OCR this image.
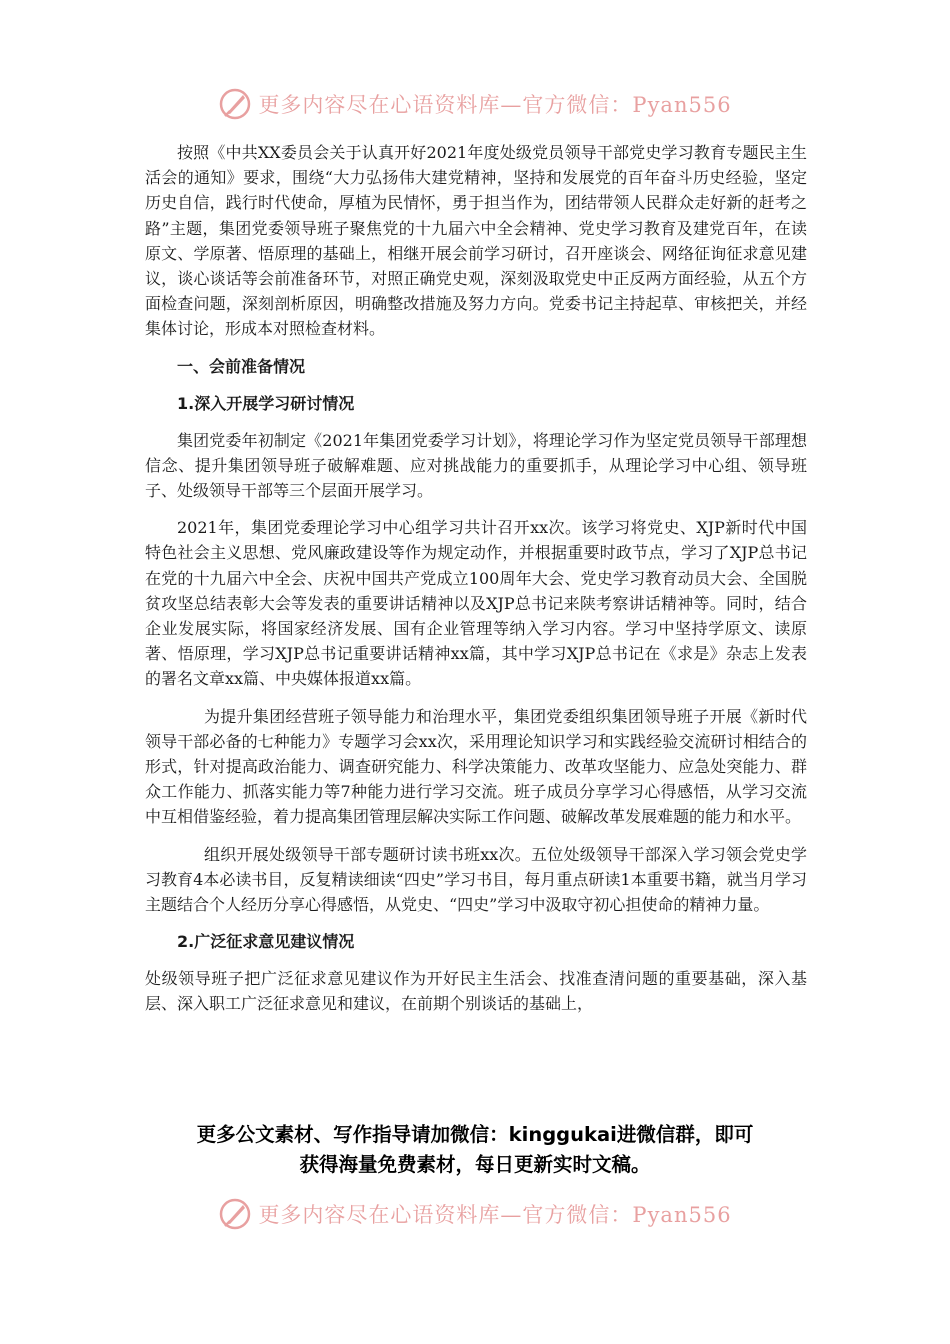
更多内容尽在心语资料库—官方微信：Pyan556

按照《中共XX委员会关于认真开好2021年度处级党员领导干部党史学习教育专题民主生活会的通知》要求，围绕“大力弘扬伟大建党精神，坚持和发展党的百年奋斗历史经验，坚定历史自信，践行时代使命，厚植为民情怀，勇于担当作为，团结带领人民群众走好新的赶考之路”主题，集团党委领导班子聚焦党的十九届六中全会精神、党史学习教育及建党百年，在读原文、学原著、悟原理的基础上，相继开展会前学习研讨，召开座谈会、网络征询征求意见建议，谈心谈话等会前准备环节，对照正确党史观，深刻汲取党史中正反两方面经验，从五个方面检查问题，深刻剖析原因，明确整改措施及努力方向。党委书记主持起草、审核把关，并经集体讨论，形成本对照检查材料。

一、会前准备情况
1.深入开展学习研讨情况

集团党委年初制定《2021年集团党委学习计划》，将理论学习作为坚定党员领导干部理想信念、提升集团领导班子破解难题、应对挑战能力的重要抓手，从理论学习中心组、领导班子、处级领导干部等三个层面开展学习。

2021年，集团党委理论学习中心组学习共计召开xx次。该学习将党史、XJP新时代中国特色社会主义思想、党风廉政建设等作为规定动作，并根据重要时政节点，学习了XJP总书记在党的十九届六中全会、庆祝中国共产党成立100周年大会、党史学习教育动员大会、全国脱贫攻坚总结表彰大会等发表的重要讲话精神以及XJP总书记来陕考察讲话精神等。同时，结合企业发展实际，将国家经济发展、国有企业管理等纳入学习内容。学习中坚持学原文、读原著、悟原理，学习XJP总书记重要讲话精神xx篇，其中学习XJP总书记在《求是》杂志上发表的署名文章xx篇、中央媒体报道xx篇。

为提升集团经营班子领导能力和治理水平，集团党委组织集团领导班子开展《新时代领导干部必备的七种能力》专题学习会xx次，采用理论知识学习和实践经验交流研讨相结合的形式，针对提高政治能力、调查研究能力、科学决策能力、改革攻坚能力、应急处突能力、群众工作能力、抓落实能力等7种能力进行学习交流。班子成员分享学习心得感悟，从学习交流中互相借鉴经验，着力提高集团管理层解决实际工作问题、破解改革发展难题的能力和水平。

组织开展处级领导干部专题研讨读书班xx次。五位处级领导干部深入学习领会党史学习教育4本必读书目，反复精读细读“四史”学习书目，每月重点研读1本重要书籍，就当月学习主题结合个人经历分享心得感悟，从党史、“四史”学习中汲取守初心担使命的精神力量。

2.广泛征求意见建议情况

处级领导班子把广泛征求意见建议作为开好民主生活会、找准查清问题的重要基础，深入基层、深入职工广泛征求意见和建议，在前期个别谈话的基础上，

更多公文素材、写作指导请加微信：kinggukai进微信群，即可
获得海量免费素材，每日更新实时文稿。
更多内容尽在心语资料库—官方微信：Pyan556
